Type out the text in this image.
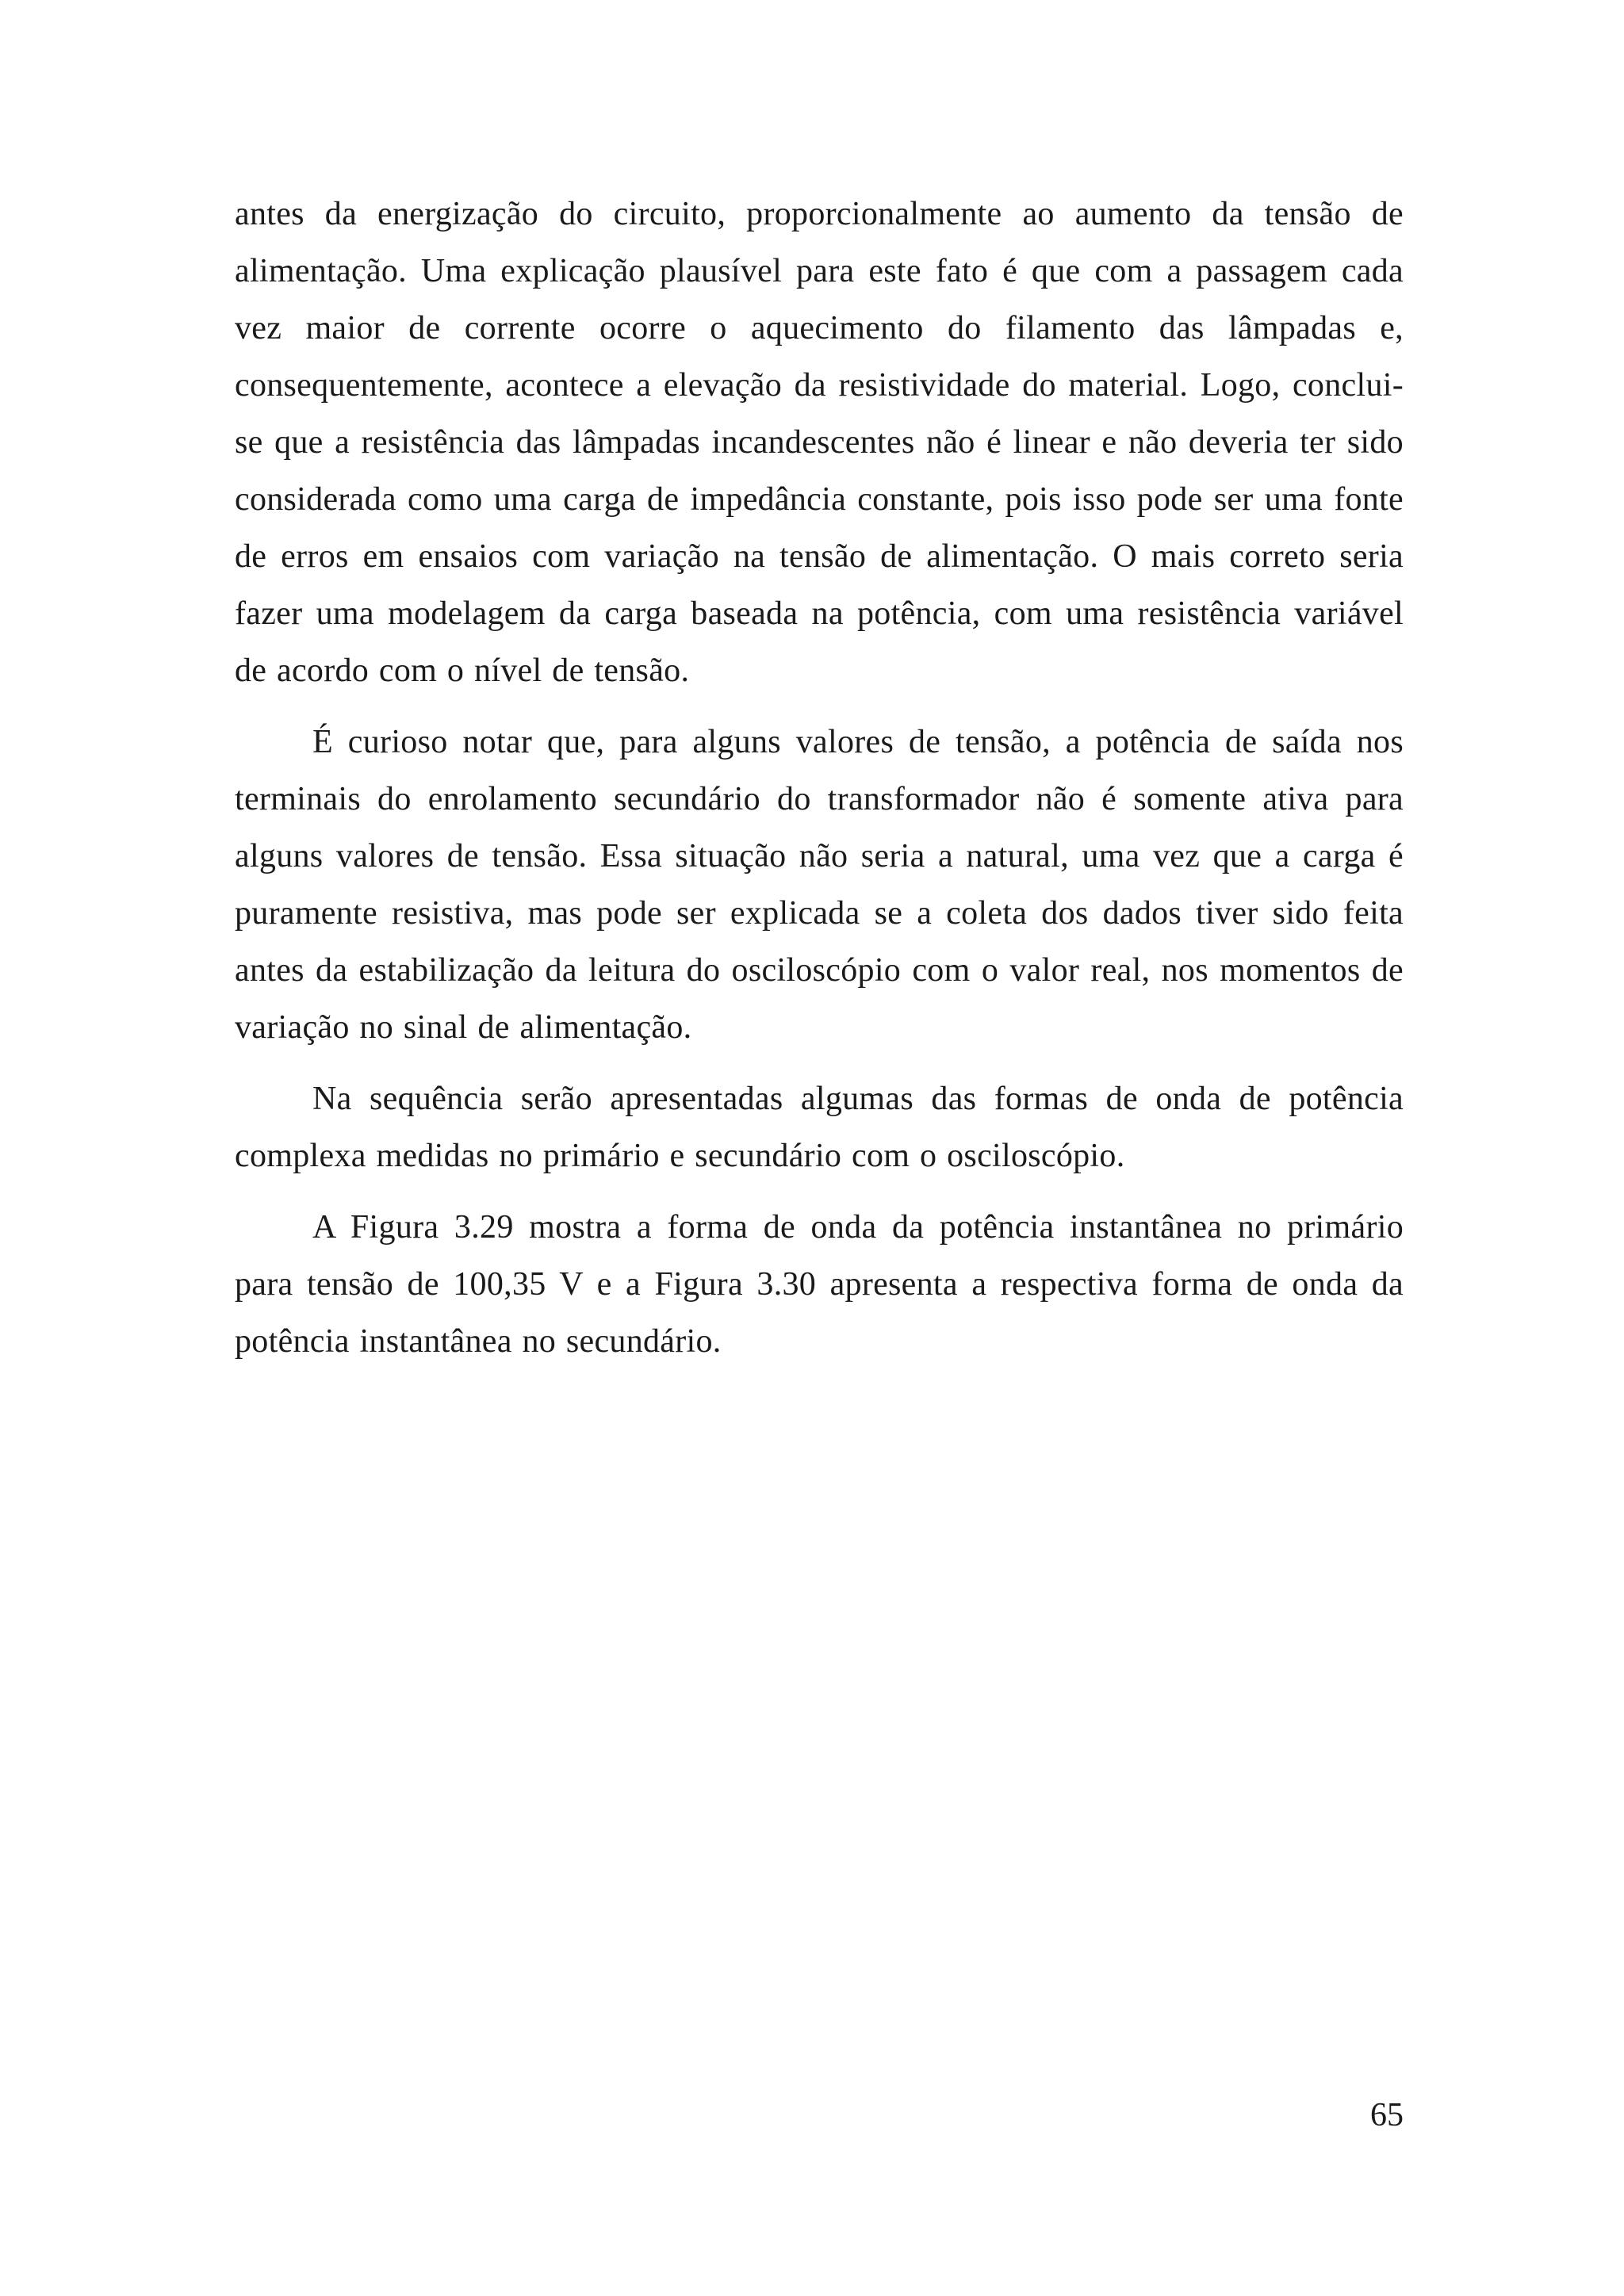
antes da energização do circuito, proporcionalmente ao aumento da tensão de alimentação. Uma explicação plausível para este fato é que com a passagem cada vez maior de corrente ocorre o aquecimento do filamento das lâmpadas e, consequentemente, acontece a elevação da resistividade do material. Logo, conclui-se que a resistência das lâmpadas incandescentes não é linear e não deveria ter sido considerada como uma carga de impedância constante, pois isso pode ser uma fonte de erros em ensaios com variação na tensão de alimentação. O mais correto seria fazer uma modelagem da carga baseada na potência, com uma resistência variável de acordo com o nível de tensão.

É curioso notar que, para alguns valores de tensão, a potência de saída nos terminais do enrolamento secundário do transformador não é somente ativa para alguns valores de tensão. Essa situação não seria a natural, uma vez que a carga é puramente resistiva, mas pode ser explicada se a coleta dos dados tiver sido feita antes da estabilização da leitura do osciloscópio com o valor real, nos momentos de variação no sinal de alimentação.

Na sequência serão apresentadas algumas das formas de onda de potência complexa medidas no primário e secundário com o osciloscópio.

A Figura 3.29 mostra a forma de onda da potência instantânea no primário para tensão de 100,35 V e a Figura 3.30 apresenta a respectiva forma de onda da potência instantânea no secundário.

65
